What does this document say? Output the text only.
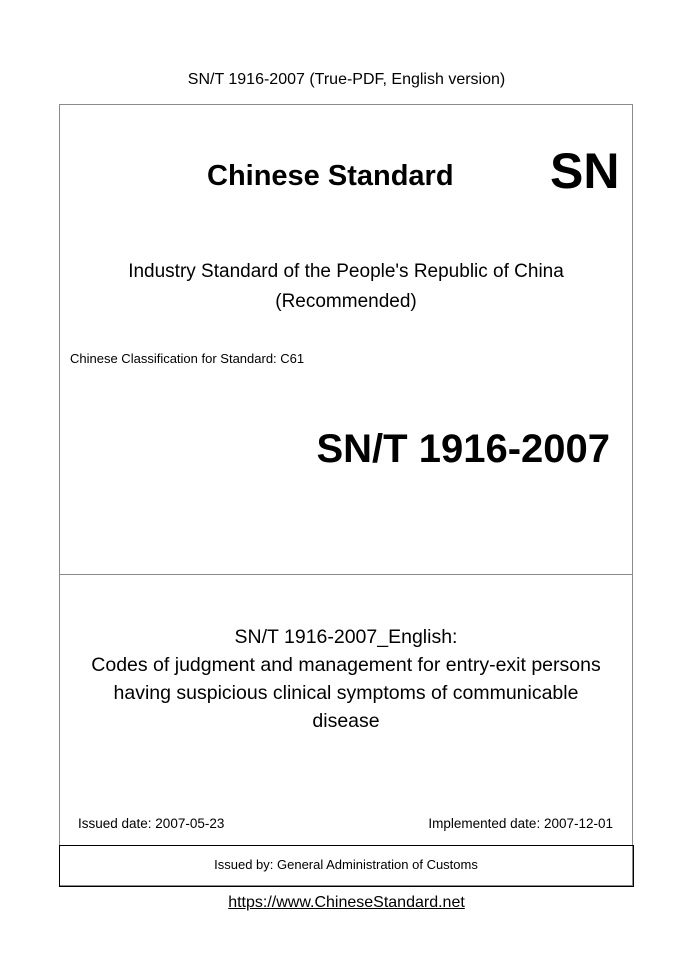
SN/T 1916-2007 (True-PDF, English version)
Chinese Standard SN
Industry Standard of the People's Republic of China
(Recommended)
Chinese Classification for Standard: C61
SN/T 1916-2007
SN/T 1916-2007_English:
Codes of judgment and management for entry-exit persons
having suspicious clinical symptoms of communicable
disease
Issued date: 2007-05-23	Implemented date: 2007-12-01
Issued by: General Administration of Customs
https://www.ChineseStandard.net
